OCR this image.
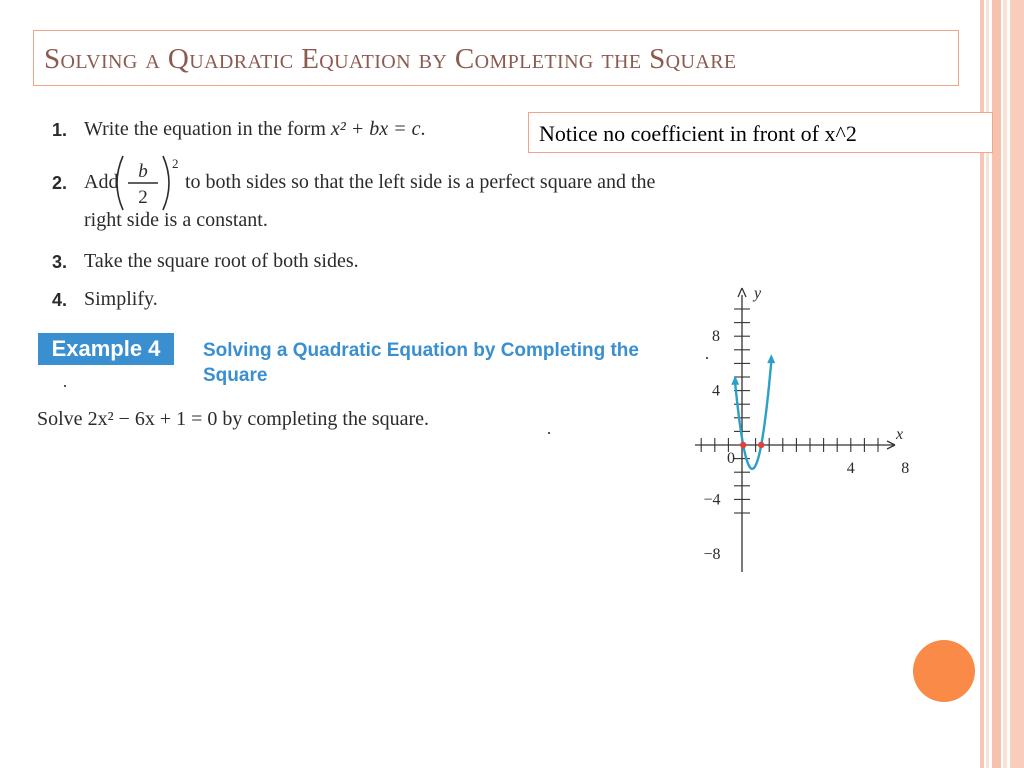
Solving a Quadratic Equation by Completing the Square
1. Write the equation in the form x² + bx = c.	Notice no coefficient in front of x^2
2. Add b
2
2
to both sides so that the left side is a perfect square and the
right side is a constant.
3. Take the square root of both sides.
4. Simplify.
Example 4	Solving a Quadratic Equation by Completing the Square
Solve 2x² − 6x + 1 = 0 by completing the square.
y
x
0
4	8
8
4
−4
−8
